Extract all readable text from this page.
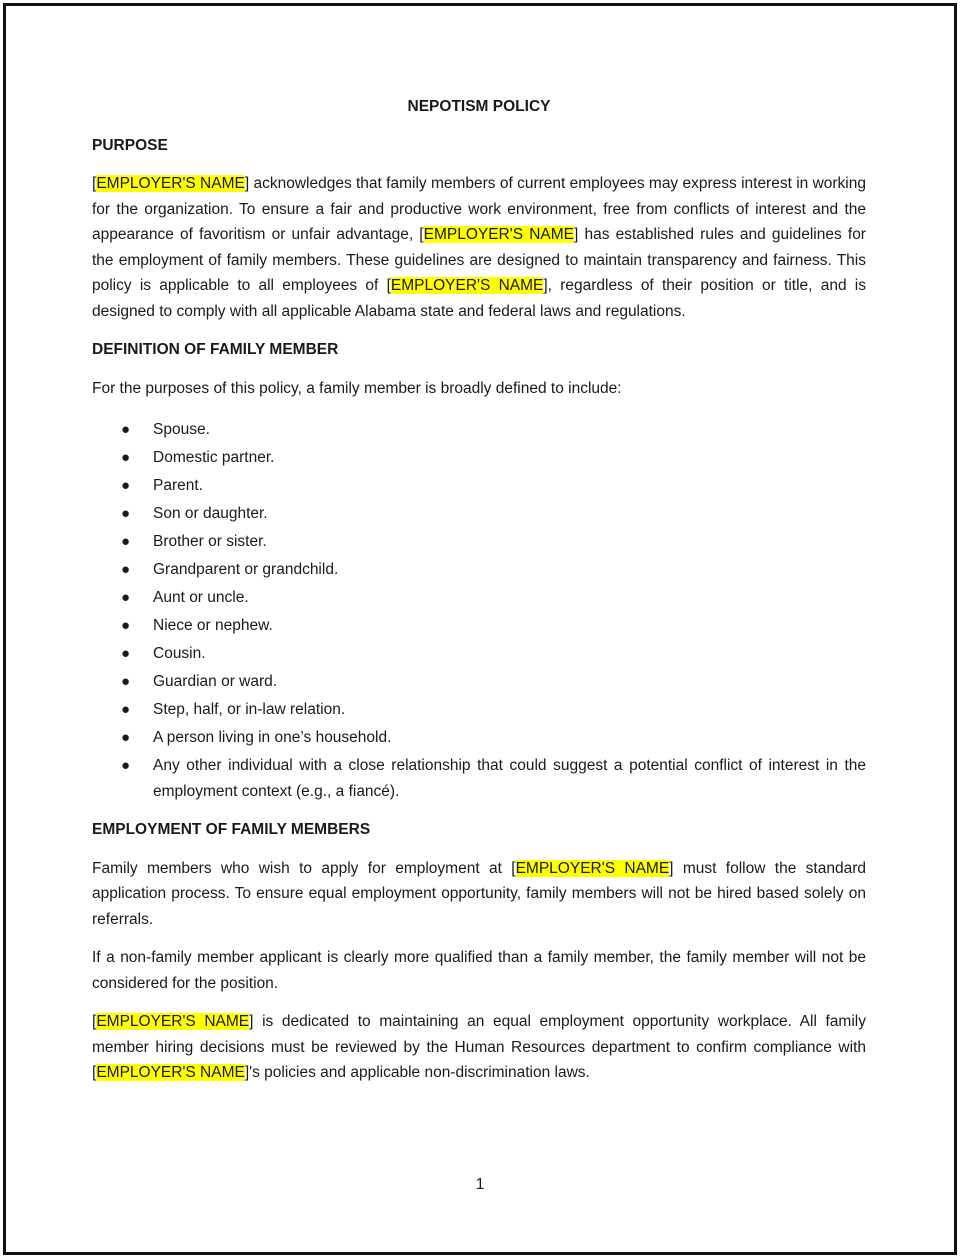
NEPOTISM POLICY
PURPOSE

[EMPLOYER'S NAME] acknowledges that family members of current employees may express interest in working for the organization. To ensure a fair and productive work environment, free from conflicts of interest and the appearance of favoritism or unfair advantage, [EMPLOYER'S NAME] has established rules and guidelines for the employment of family members. These guidelines are designed to maintain transparency and fairness. This policy is applicable to all employees of [EMPLOYER'S NAME], regardless of their position or title, and is designed to comply with all applicable Alabama state and federal laws and regulations.

DEFINITION OF FAMILY MEMBER

For the purposes of this policy, a family member is broadly defined to include:

● Spouse.
● Domestic partner.
● Parent.
● Son or daughter.
● Brother or sister.
● Grandparent or grandchild.
● Aunt or uncle.
● Niece or nephew.
● Cousin.
● Guardian or ward.
● Step, half, or in-law relation.
● A person living in one’s household.
● Any other individual with a close relationship that could suggest a potential conflict of interest in the employment context (e.g., a fiancé).
EMPLOYMENT OF FAMILY MEMBERS

Family members who wish to apply for employment at [EMPLOYER'S NAME] must follow the standard application process. To ensure equal employment opportunity, family members will not be hired based solely on referrals.

If a non-family member applicant is clearly more qualified than a family member, the family member will not be considered for the position.

[EMPLOYER'S NAME] is dedicated to maintaining an equal employment opportunity workplace. All family member hiring decisions must be reviewed by the Human Resources department to confirm compliance with [EMPLOYER'S NAME]'s policies and applicable non-discrimination laws.

1
